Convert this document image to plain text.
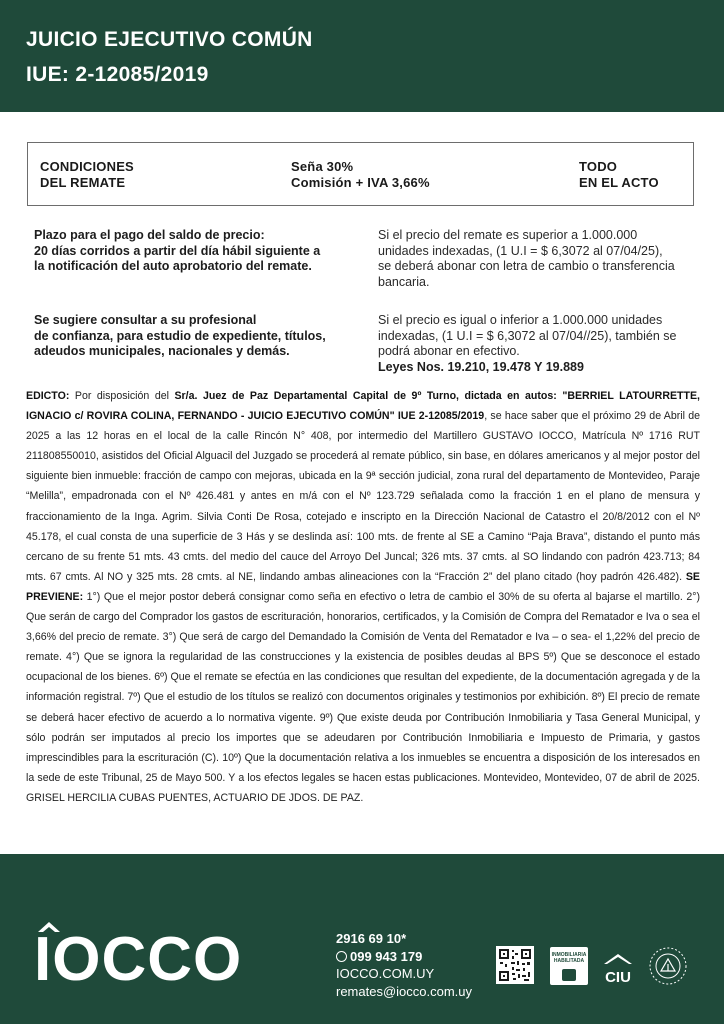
JUICIO EJECUTIVO COMÚN
IUE: 2-12085/2019
CONDICIONES
DEL REMATE
Seña 30%
Comisión + IVA 3,66%
TODO
EN EL ACTO
Plazo para el pago del saldo de precio:
20 días corridos a partir del día hábil siguiente a
la notificación del auto aprobatorio del remate.
Si el precio del remate es superior a 1.000.000
unidades indexadas, (1 U.I = $ 6,3072 al 07/04/25),
se deberá abonar con letra de cambio o transferencia
bancaria.
Se sugiere consultar a su profesional
de confianza, para estudio de expediente, títulos,
adeudos municipales, nacionales y demás.
Si el precio es igual o inferior a 1.000.000 unidades
indexadas, (1 U.I = $ 6,3072 al 07/04//25), también se
podrá abonar en efectivo.
Leyes Nos. 19.210, 19.478 Y 19.889
EDICTO: Por disposición del Sr/a. Juez de Paz Departamental Capital de 9º Turno, dictada en autos: "BERRIEL LATOURRETTE, IGNACIO c/ ROVIRA COLINA, FERNANDO - JUICIO EJECUTIVO COMÚN" IUE 2-12085/2019, se hace saber que el próximo 29 de Abril de 2025 a las 12 horas en el local de la calle Rincón N° 408, por intermedio del Martillero GUSTAVO IOCCO, Matrícula Nº 1716 RUT 211808550010, asistidos del Oficial Alguacil del Juzgado se procederá al remate público, sin base, en dólares americanos y al mejor postor del siguiente bien inmueble: fracción de campo con mejoras, ubicada en la 9ª sección judicial, zona rural del departamento de Montevideo, Paraje “Melilla”, empadronada con el Nº 426.481 y antes en m/á con el Nº 123.729 señalada como la fracción 1 en el plano de mensura y fraccionamiento de la Inga. Agrim. Silvia Conti De Rosa, cotejado e inscripto en la Dirección Nacional de Catastro el 20/8/2012 con el Nº 45.178, el cual consta de una superficie de 3 Hás y se deslinda así: 100 mts. de frente al SE a Camino “Paja Brava”, distando el punto más cercano de su frente 51 mts. 43 cmts. del medio del cauce del Arroyo Del Juncal; 326 mts. 37 cmts. al SO lindando con padrón 423.713; 84 mts. 67 cmts. Al NO y 325 mts. 28 cmts. al NE, lindando ambas alineaciones con la “Fracción 2” del plano citado (hoy padrón 426.482). SE PREVIENE: 1°) Que el mejor postor deberá consignar como seña en efectivo o letra de cambio el 30% de su oferta al bajarse el martillo. 2°) Que serán de cargo del Comprador los gastos de escrituración, honorarios, certificados, y la Comisión de Compra del Rematador e Iva o sea el 3,66% del precio de remate. 3°) Que será de cargo del Demandado la Comisión de Venta del Rematador e Iva – o sea- el 1,22% del precio de remate. 4°) Que se ignora la regularidad de las construcciones y la existencia de posibles deudas al BPS 5º) Que se desconoce el estado ocupacional de los bienes. 6º) Que el remate se efectúa en las condiciones que resultan del expediente, de la documentación agregada y de la información registral. 7º) Que el estudio de los títulos se realizó con documentos originales y testimonios por exhibición. 8º) El precio de remate se deberá hacer efectivo de acuerdo a lo normativa vigente. 9º) Que existe deuda por Contribución Inmobiliaria y Tasa General Municipal, y sólo podrán ser imputados al precio los importes que se adeudaren por Contribución Inmobiliaria e Impuesto de Primaria, y gastos imprescindibles para la escrituración (C). 10º) Que la documentación relativa a los inmuebles se encuentra a disposición de los interesados en la sede de este Tribunal, 25 de Mayo 500. Y a los efectos legales se hacen estas publicaciones. Montevideo, Montevideo, 07 de abril de 2025. GRISEL HERCILIA CUBAS PUENTES, ACTUARIO DE JDOS. DE PAZ.
IOCCO	2916 69 10*
099 943 179
IOCCO.COM.UY
remates@iocco.com.uy
INMOBILIARIA HABILITADA
CIU
